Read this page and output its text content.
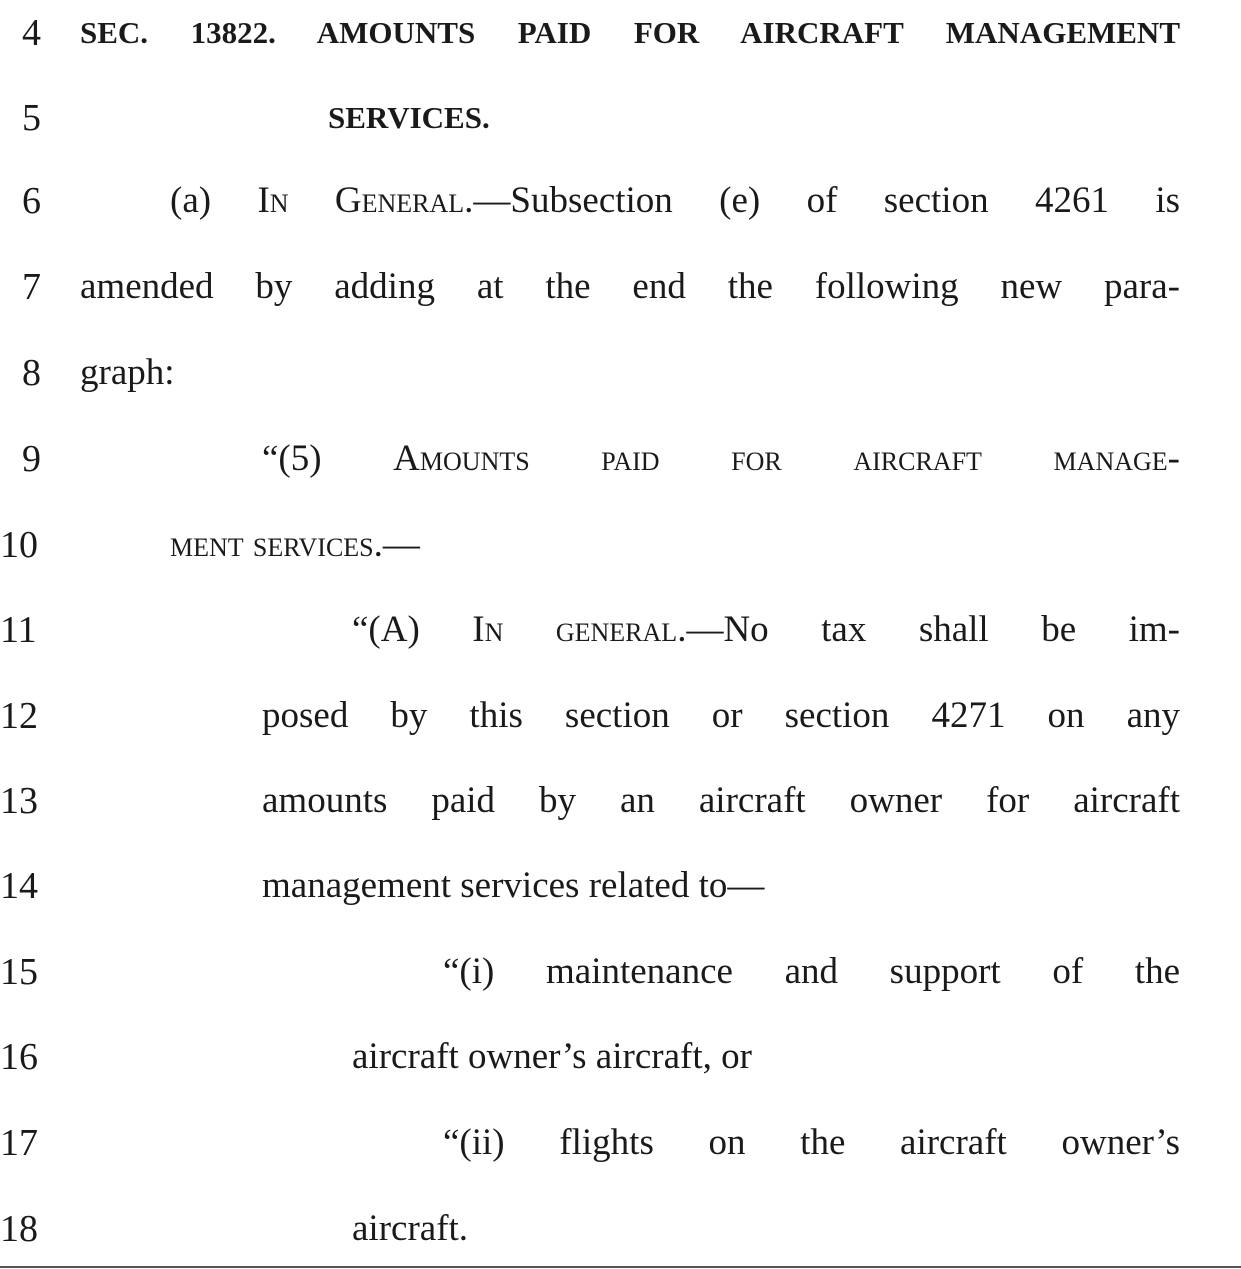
4 SEC. 13822. AMOUNTS PAID FOR AIRCRAFT MANAGEMENT
5	SERVICES.
6	(a) In General.—Subsection (e) of section 4261 is
7 amended by adding at the end the following new para-
8 graph:
9	“(5) Amounts paid for aircraft manage-
10	ment services.—
11	“(A) In general.—No tax shall be im-
12	posed by this section or section 4271 on any
13	amounts paid by an aircraft owner for aircraft
14	management services related to—
15	“(i) maintenance and support of the
16	aircraft owner’s aircraft, or
17	“(ii) flights on the aircraft owner’s
18	aircraft.
